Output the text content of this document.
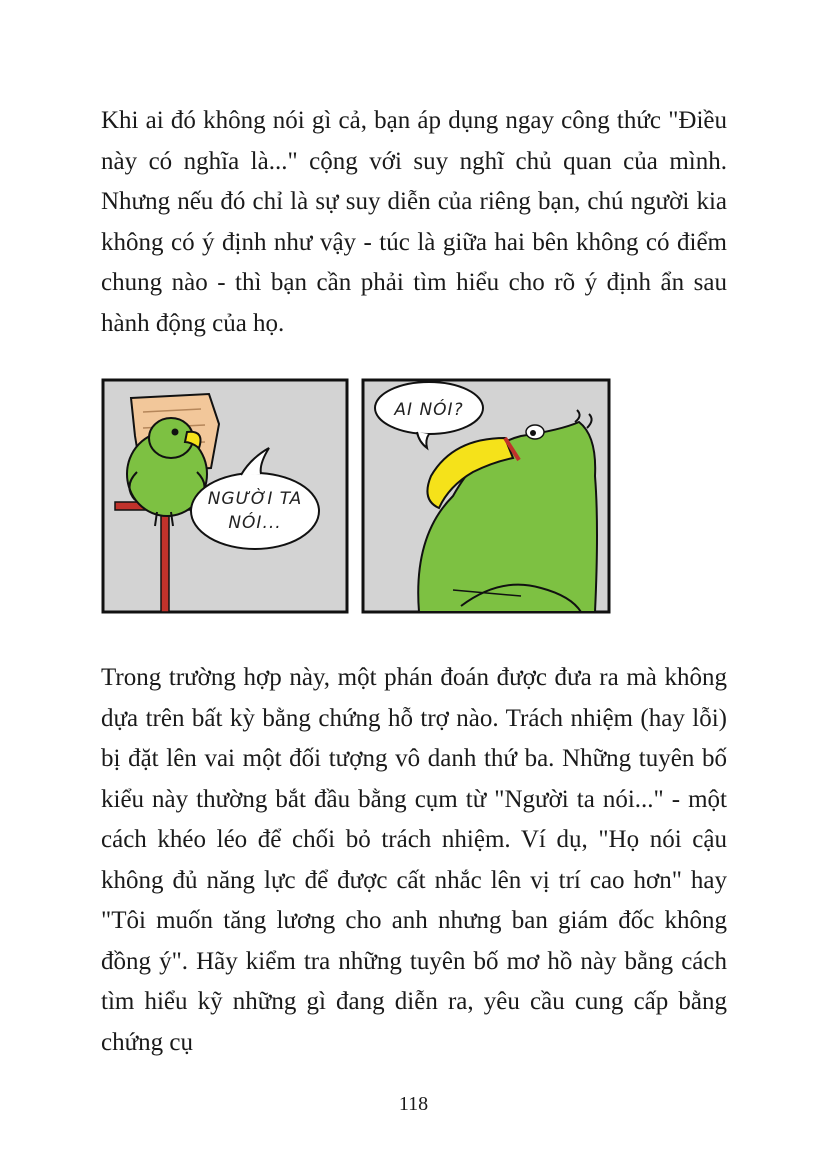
Khi ai đó không nói gì cả, bạn áp dụng ngay công thức "Điều này có nghĩa là..." cộng với suy nghĩ chủ quan của mình. Nhưng nếu đó chỉ là sự suy diễn của riêng bạn, chú người kia không có ý định như vậy - túc là giữa hai bên không có điểm chung nào - thì bạn cần phải tìm hiểu cho rõ ý định ẩn sau hành động của họ.

NGƯỜI TA
NÓI...
AI NÓI?

Trong trường hợp này, một phán đoán được đưa ra mà không dựa trên bất kỳ bằng chứng hỗ trợ nào. Trách nhiệm (hay lỗi) bị đặt lên vai một đối tượng vô danh thứ ba. Những tuyên bố kiểu này thường bắt đầu bằng cụm từ "Người ta nói..." - một cách khéo léo để chối bỏ trách nhiệm. Ví dụ, "Họ nói cậu không đủ năng lực để được cất nhắc lên vị trí cao hơn" hay "Tôi muốn tăng lương cho anh nhưng ban giám đốc không đồng ý". Hãy kiểm tra những tuyên bố mơ hồ này bằng cách tìm hiểu kỹ những gì đang diễn ra, yêu cầu cung cấp bằng chứng cụ

118
